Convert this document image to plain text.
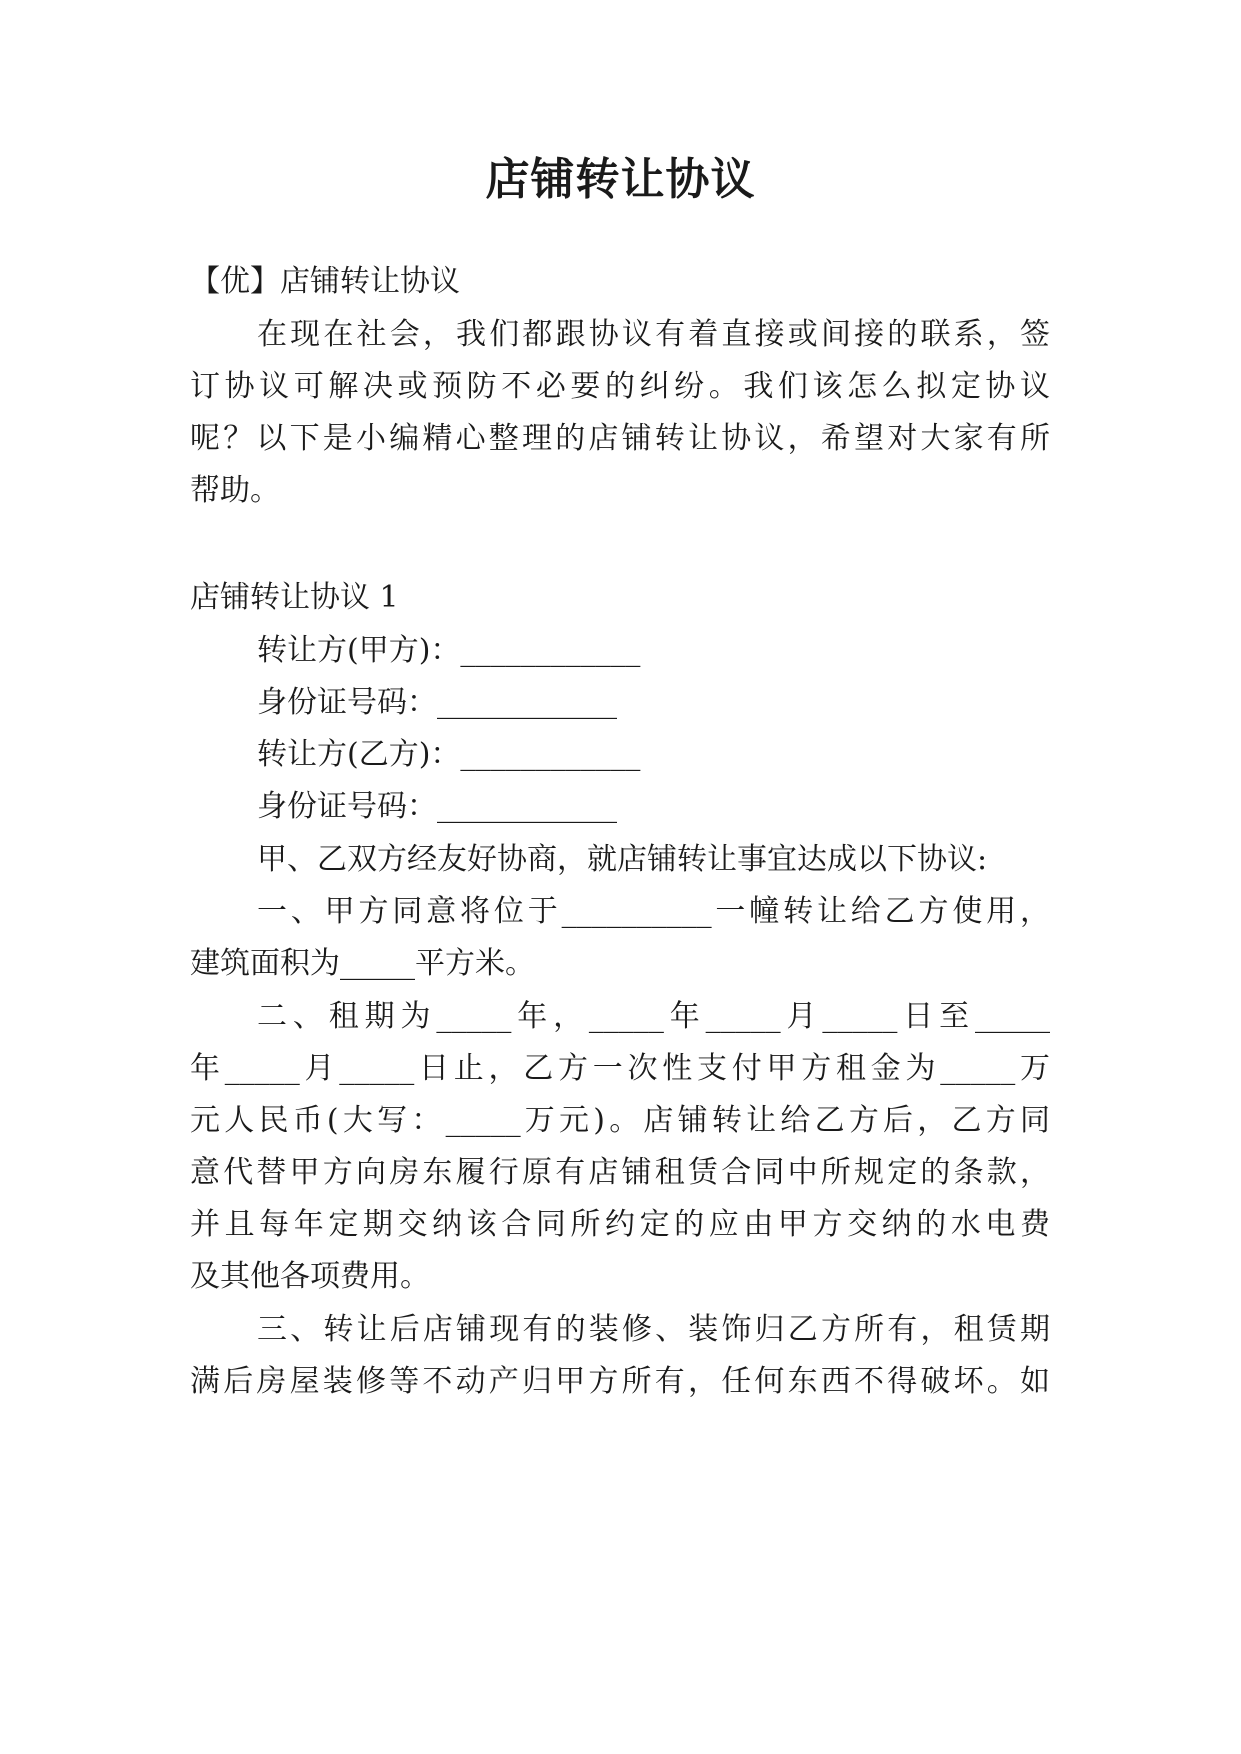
店铺转让协议
【优】店铺转让协议
在现在社会，我们都跟协议有着直接或间接的联系，签
订协议可解决或预防不必要的纠纷。我们该怎么拟定协议
呢？以下是小编精心整理的店铺转让协议，希望对大家有所
帮助。
店铺转让协议 1
转让方(甲方)：____________
身份证号码：____________
转让方(乙方)：____________
身份证号码：____________
甲、乙双方经友好协商，就店铺转让事宜达成以下协议:
一、甲方同意将位于__________一幢转让给乙方使用，
建筑面积为_____平方米。
二、租期为_____年，_____年_____月_____日至_____
年_____月_____日止，乙方一次性支付甲方租金为_____万
元人民币(大写：_____万元)。店铺转让给乙方后，乙方同
意代替甲方向房东履行原有店铺租赁合同中所规定的条款，
并且每年定期交纳该合同所约定的应由甲方交纳的水电费
及其他各项费用。
三、转让后店铺现有的装修、装饰归乙方所有，租赁期
满后房屋装修等不动产归甲方所有，任何东西不得破坏。如
